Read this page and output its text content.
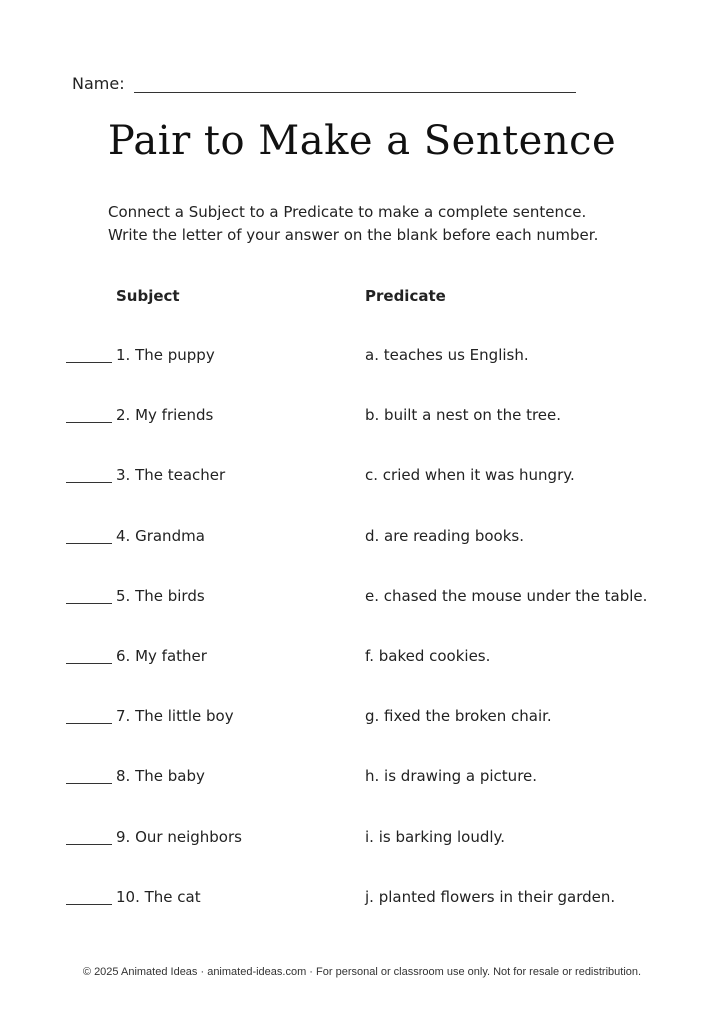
Name:
Pair to Make a Sentence
Connect a Subject to a Predicate to make a complete sentence.
Write the letter of your answer on the blank before each number.
Subject	Predicate
1. The puppy	a. teaches us English.
2. My friends	b. built a nest on the tree.
3. The teacher	c. cried when it was hungry.
4. Grandma	d. are reading books.
5. The birds	e. chased the mouse under the table.
6. My father	f. baked cookies.
7. The little boy	g. fixed the broken chair.
8. The baby	h. is drawing a picture.
9. Our neighbors	i. is barking loudly.
10. The cat	j. planted flowers in their garden.
© 2025 Animated Ideas · animated-ideas.com · For personal or classroom use only. Not for resale or redistribution.
